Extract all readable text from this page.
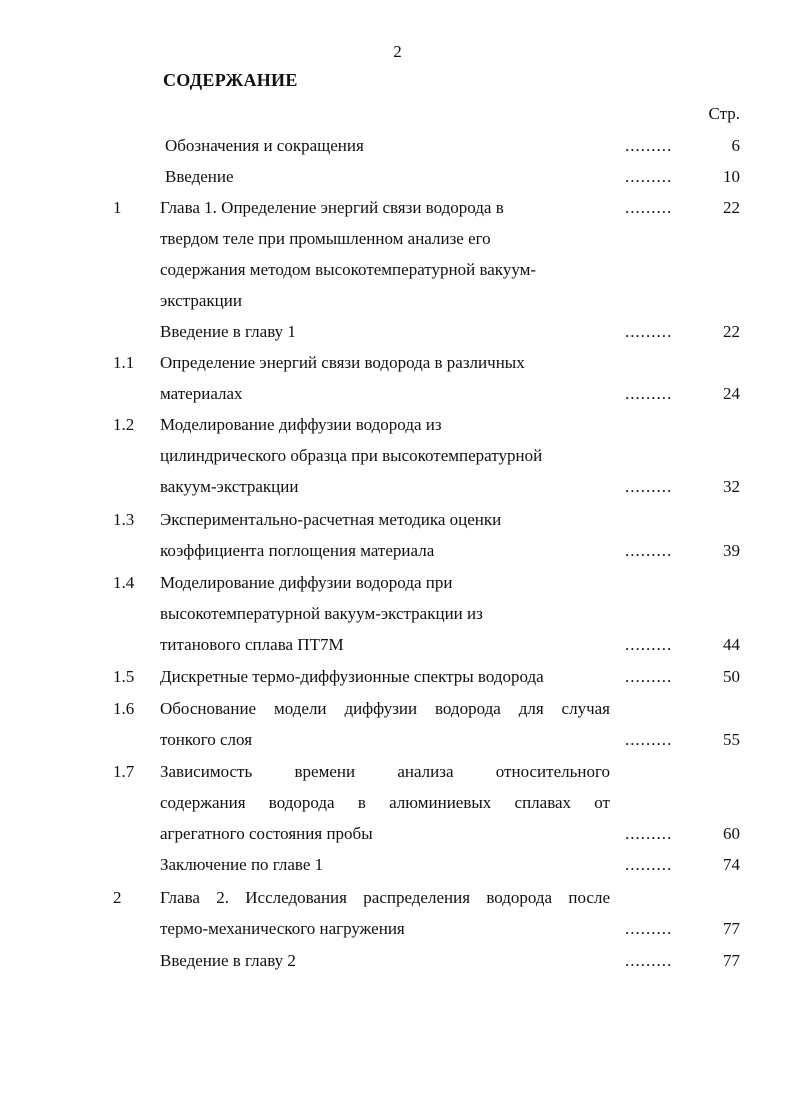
2
СОДЕРЖАНИЕ
Стр.
Обозначения и сокращения	.........	6
Введение	.........	10
1 Глава 1. Определение энергий связи водорода в
твердом теле при промышленном анализе его
содержания методом высокотемпературной вакуум-
экстракции
.........	22
Введение в главу 1	.........	22
1.1 Определение энергий связи водорода в различных
материалах	.........	24
1.2 Моделирование диффузии водорода из
цилиндрического образца при высокотемпературной
вакуум-экстракции	.........	32
1.3 Экспериментально-расчетная методика оценки
коэффициента поглощения материала	.........	39
1.4 Моделирование диффузии водорода при
высокотемпературной вакуум-экстракции из
титанового сплава ПТ7М	.........	44
1.5 Дискретные термо-диффузионные спектры водорода	.........	50
1.6 Обоснование модели диффузии водорода для случая
тонкого слоя	.........	55
1.7 Зависимость времени анализа относительного
содержания водорода в алюминиевых сплавах от
агрегатного состояния пробы	.........	60
Заключение по главе 1	.........	74
2 Глава 2. Исследования распределения водорода после
термо-механического нагружения	.........	77
Введение в главу 2	.........	77
